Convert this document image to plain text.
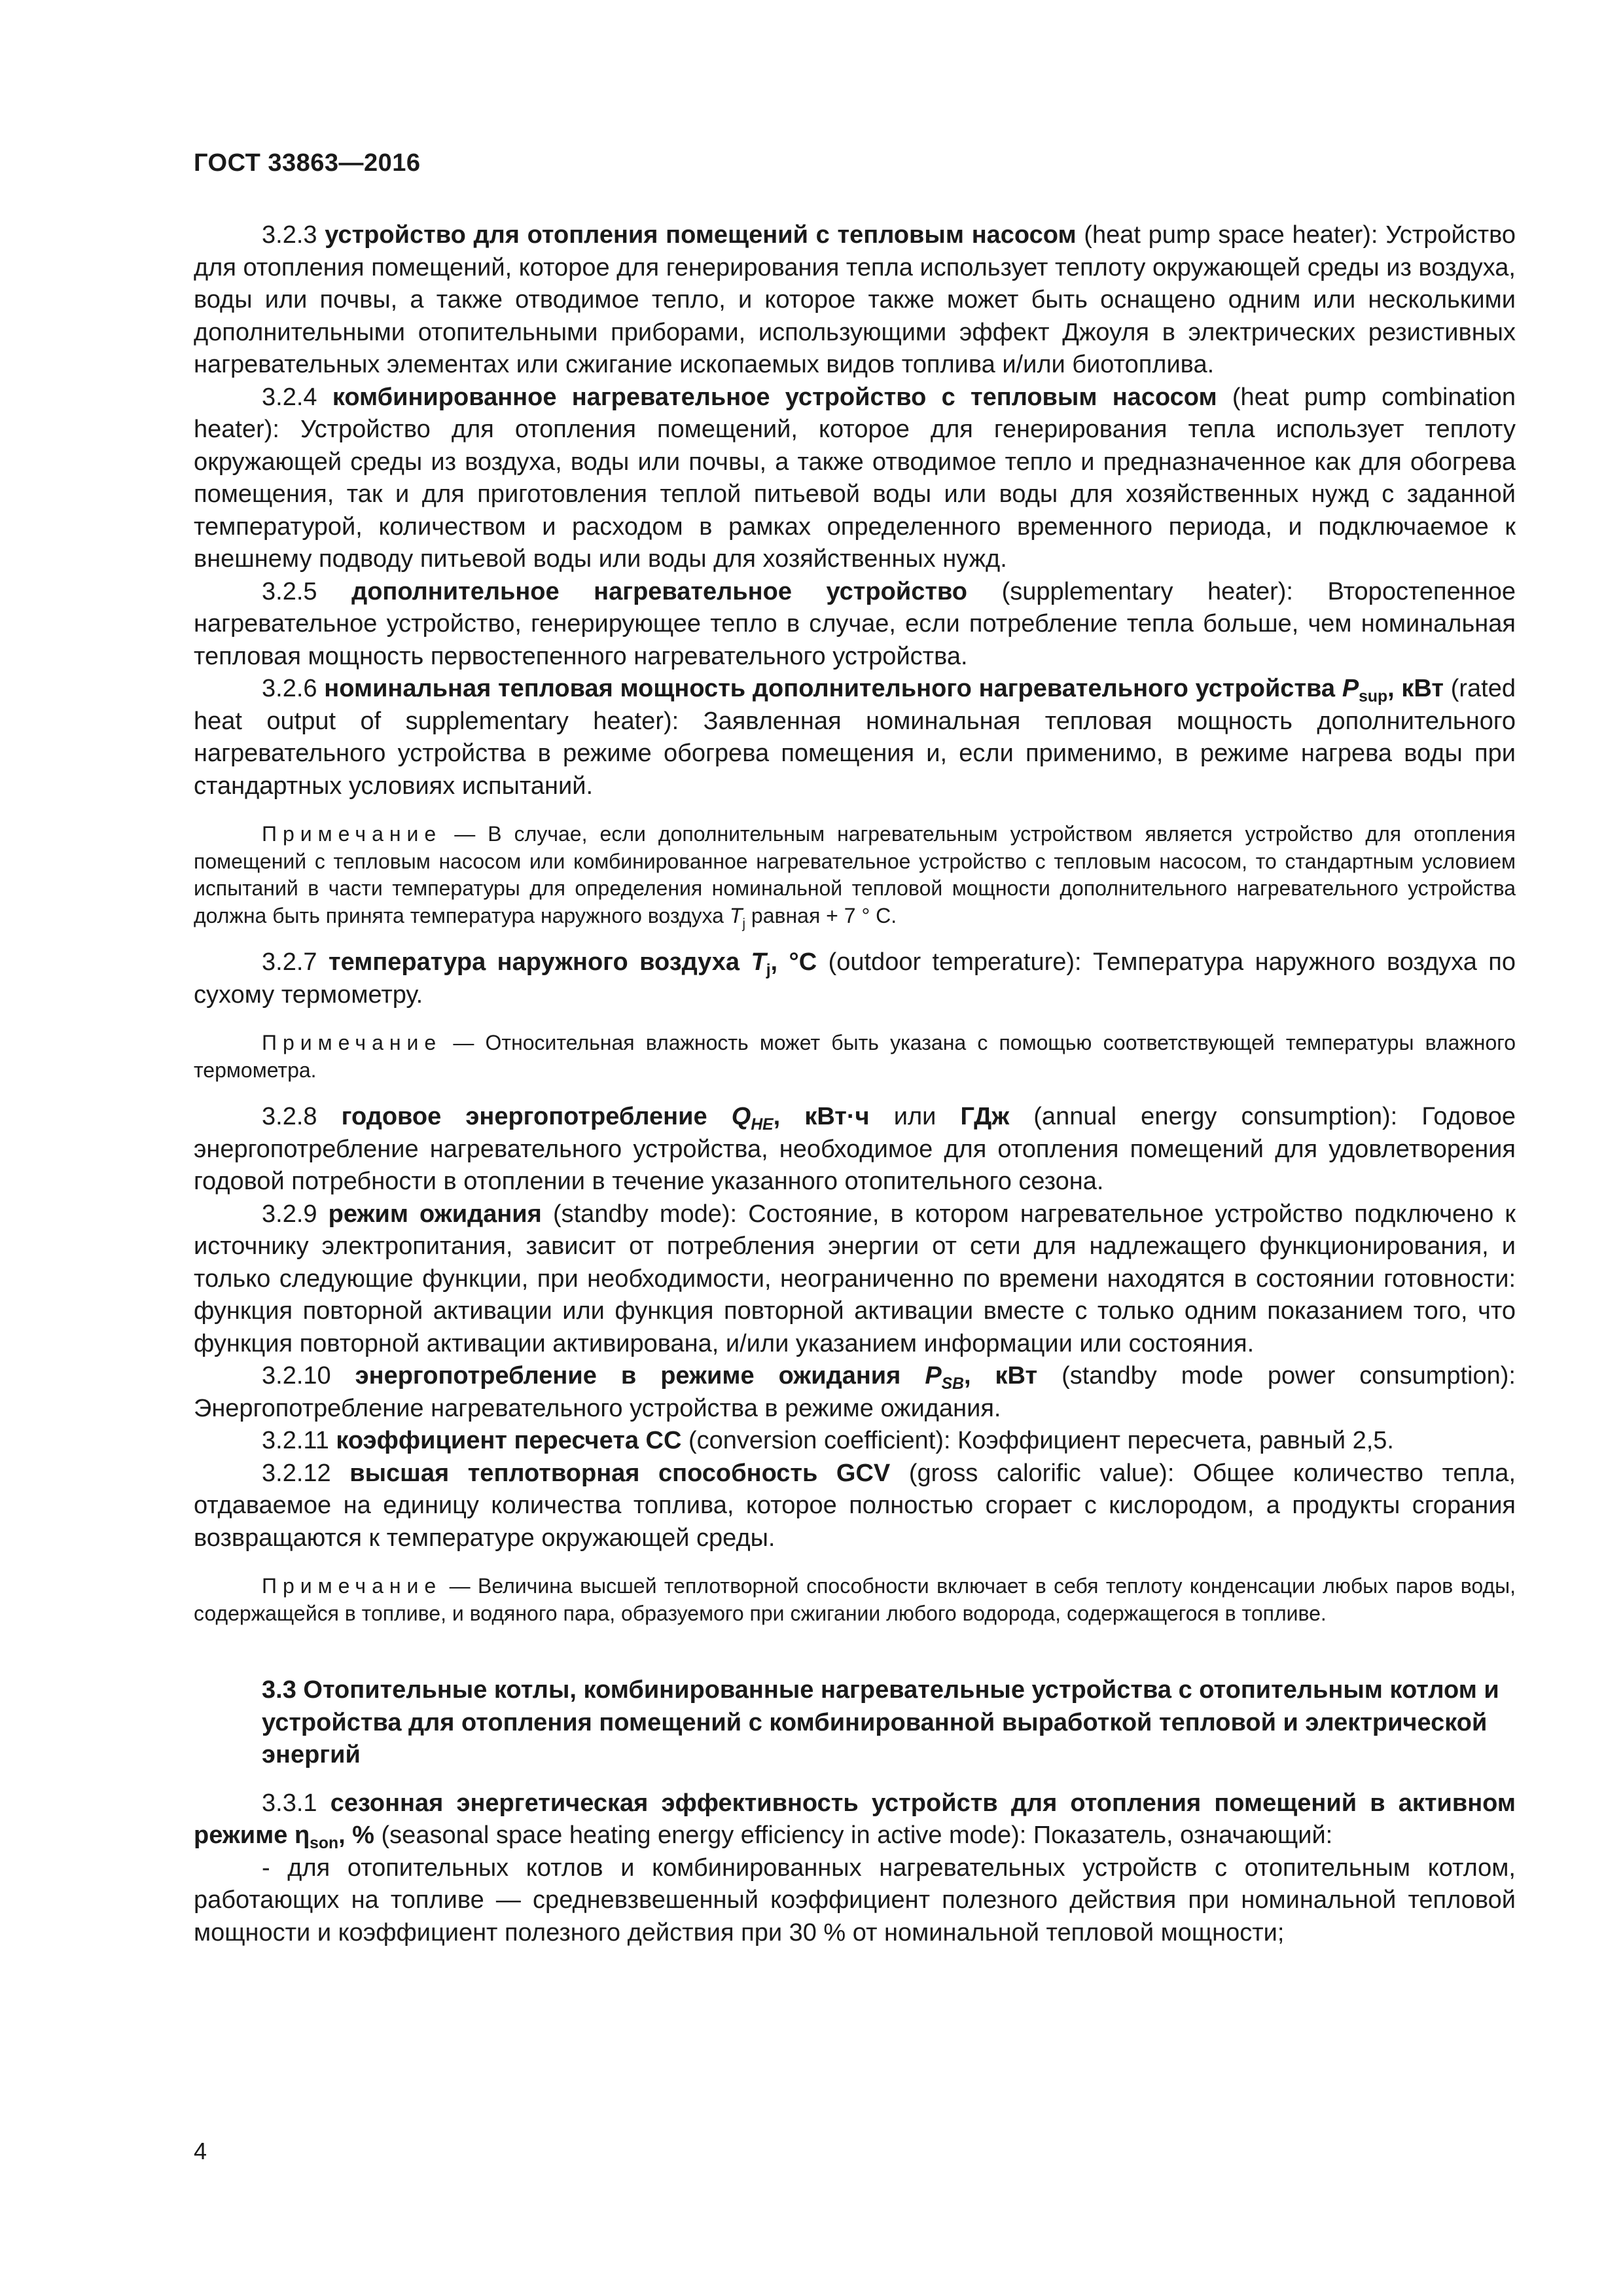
ГОСТ 33863—2016

3.2.3 устройство для отопления помещений с тепловым насосом (heat pump space heater): Устройство для отопления помещений, которое для генерирования тепла использует теплоту окружающей среды из воздуха, воды или почвы, а также отводимое тепло, и которое также может быть оснащено одним или несколькими дополнительными отопительными приборами, использующими эффект Джоуля в электрических резистивных нагревательных элементах или сжигание ископаемых видов топлива и/или биотоплива.

3.2.4 комбинированное нагревательное устройство с тепловым насосом (heat pump combination heater): Устройство для отопления помещений, которое для генерирования тепла использует теплоту окружающей среды из воздуха, воды или почвы, а также отводимое тепло и предназначенное как для обогрева помещения, так и для приготовления теплой питьевой воды или воды для хозяйственных нужд с заданной температурой, количеством и расходом в рамках определенного временного периода, и подключаемое к внешнему подводу питьевой воды или воды для хозяйственных нужд.

3.2.5 дополнительное нагревательное устройство (supplementary heater): Второстепенное нагревательное устройство, генерирующее тепло в случае, если потребление тепла больше, чем номинальная тепловая мощность первостепенного нагревательного устройства.

3.2.6 номинальная тепловая мощность дополнительного нагревательного устройства $P_{sup}$, кВт (rated heat output of supplementary heater): Заявленная номинальная тепловая мощность дополнительного нагревательного устройства в режиме обогрева помещения и, если применимо, в режиме нагрева воды при стандартных условиях испытаний.

Примечание — В случае, если дополнительным нагревательным устройством является устройство для отопления помещений с тепловым насосом или комбинированное нагревательное устройство с тепловым насосом, то стандартным условием испытаний в части температуры для определения номинальной тепловой мощности дополнительного нагревательного устройства должна быть принята температура наружного воздуха $T_j$ равная + 7 ° С.

3.2.7 температура наружного воздуха $T_j$, °C (outdoor temperature): Температура наружного воздуха по сухому термометру.

Примечание — Относительная влажность может быть указана с помощью соответствующей температуры влажного термометра.

3.2.8 годовое энергопотребление $Q_{HE}$, кВт·ч или ГДж (annual energy consumption): Годовое энергопотребление нагревательного устройства, необходимое для отопления помещений для удовлетворения годовой потребности в отоплении в течение указанного отопительного сезона.

3.2.9 режим ожидания (standby mode): Состояние, в котором нагревательное устройство подключено к источнику электропитания, зависит от потребления энергии от сети для надлежащего функционирования, и только следующие функции, при необходимости, неограниченно по времени находятся в состоянии готовности: функция повторной активации или функция повторной активации вместе с только одним показанием того, что функция повторной активации активирована, и/или указанием информации или состояния.

3.2.10 энергопотребление в режиме ожидания $P_{SB}$, кВт (standby mode power consumption): Энергопотребление нагревательного устройства в режиме ожидания.

3.2.11 коэффициент пересчета CC (conversion coefficient): Коэффициент пересчета, равный 2,5.

3.2.12 высшая теплотворная способность GCV (gross calorific value): Общее количество тепла, отдаваемое на единицу количества топлива, которое полностью сгорает с кислородом, а продукты сгорания возвращаются к температуре окружающей среды.

Примечание — Величина высшей теплотворной способности включает в себя теплоту конденсации любых паров воды, содержащейся в топливе, и водяного пара, образуемого при сжигании любого водорода, содержащегося в топливе.

3.3 Отопительные котлы, комбинированные нагревательные устройства с отопительным котлом и устройства для отопления помещений с комбинированной выработкой тепловой и электрической энергий

3.3.1 сезонная энергетическая эффективность устройств для отопления помещений в активном режиме $\eta_{son}$, % (seasonal space heating energy efficiency in active mode): Показатель, означающий:

- для отопительных котлов и комбинированных нагревательных устройств с отопительным котлом, работающих на топливе — средневзвешенный коэффициент полезного действия при номинальной тепловой мощности и коэффициент полезного действия при 30 % от номинальной тепловой мощности;

4
